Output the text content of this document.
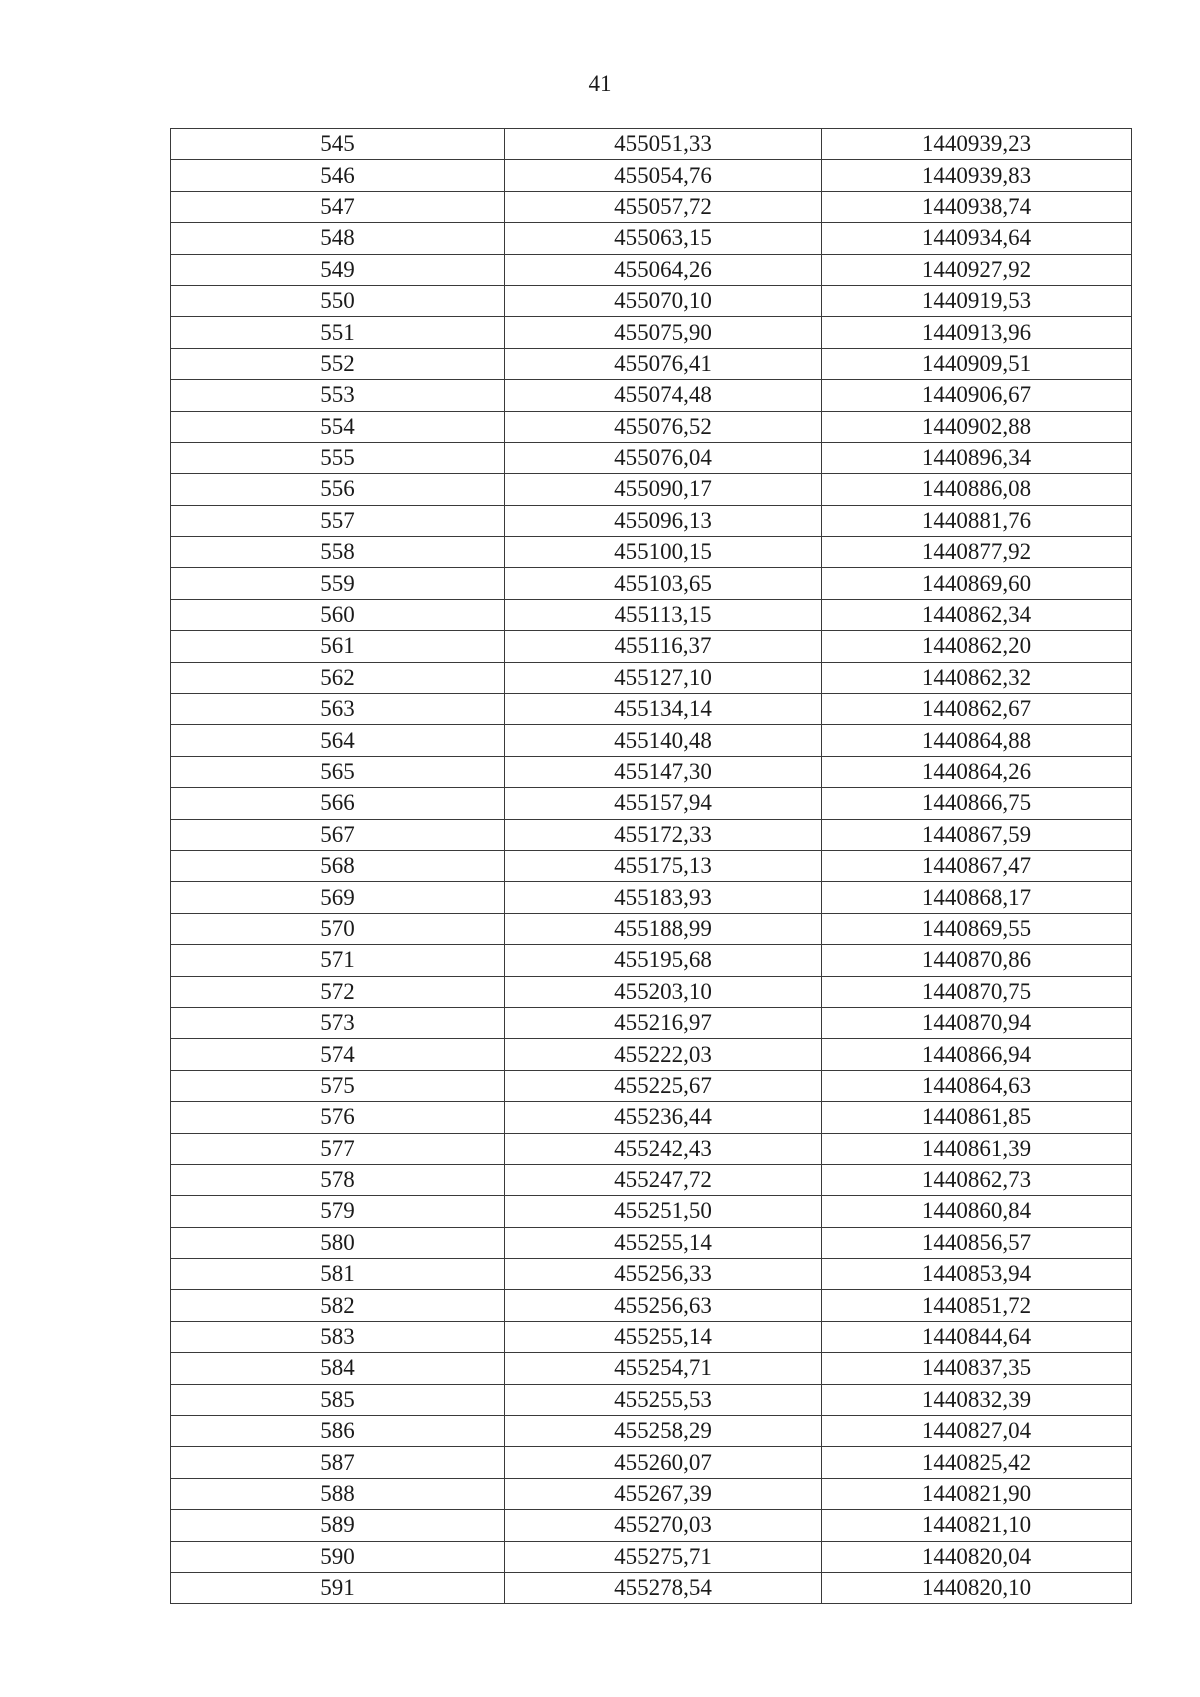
41
545	455051,33	1440939,23
546	455054,76	1440939,83
547	455057,72	1440938,74
548	455063,15	1440934,64
549	455064,26	1440927,92
550	455070,10	1440919,53
551	455075,90	1440913,96
552	455076,41	1440909,51
553	455074,48	1440906,67
554	455076,52	1440902,88
555	455076,04	1440896,34
556	455090,17	1440886,08
557	455096,13	1440881,76
558	455100,15	1440877,92
559	455103,65	1440869,60
560	455113,15	1440862,34
561	455116,37	1440862,20
562	455127,10	1440862,32
563	455134,14	1440862,67
564	455140,48	1440864,88
565	455147,30	1440864,26
566	455157,94	1440866,75
567	455172,33	1440867,59
568	455175,13	1440867,47
569	455183,93	1440868,17
570	455188,99	1440869,55
571	455195,68	1440870,86
572	455203,10	1440870,75
573	455216,97	1440870,94
574	455222,03	1440866,94
575	455225,67	1440864,63
576	455236,44	1440861,85
577	455242,43	1440861,39
578	455247,72	1440862,73
579	455251,50	1440860,84
580	455255,14	1440856,57
581	455256,33	1440853,94
582	455256,63	1440851,72
583	455255,14	1440844,64
584	455254,71	1440837,35
585	455255,53	1440832,39
586	455258,29	1440827,04
587	455260,07	1440825,42
588	455267,39	1440821,90
589	455270,03	1440821,10
590	455275,71	1440820,04
591	455278,54	1440820,10
